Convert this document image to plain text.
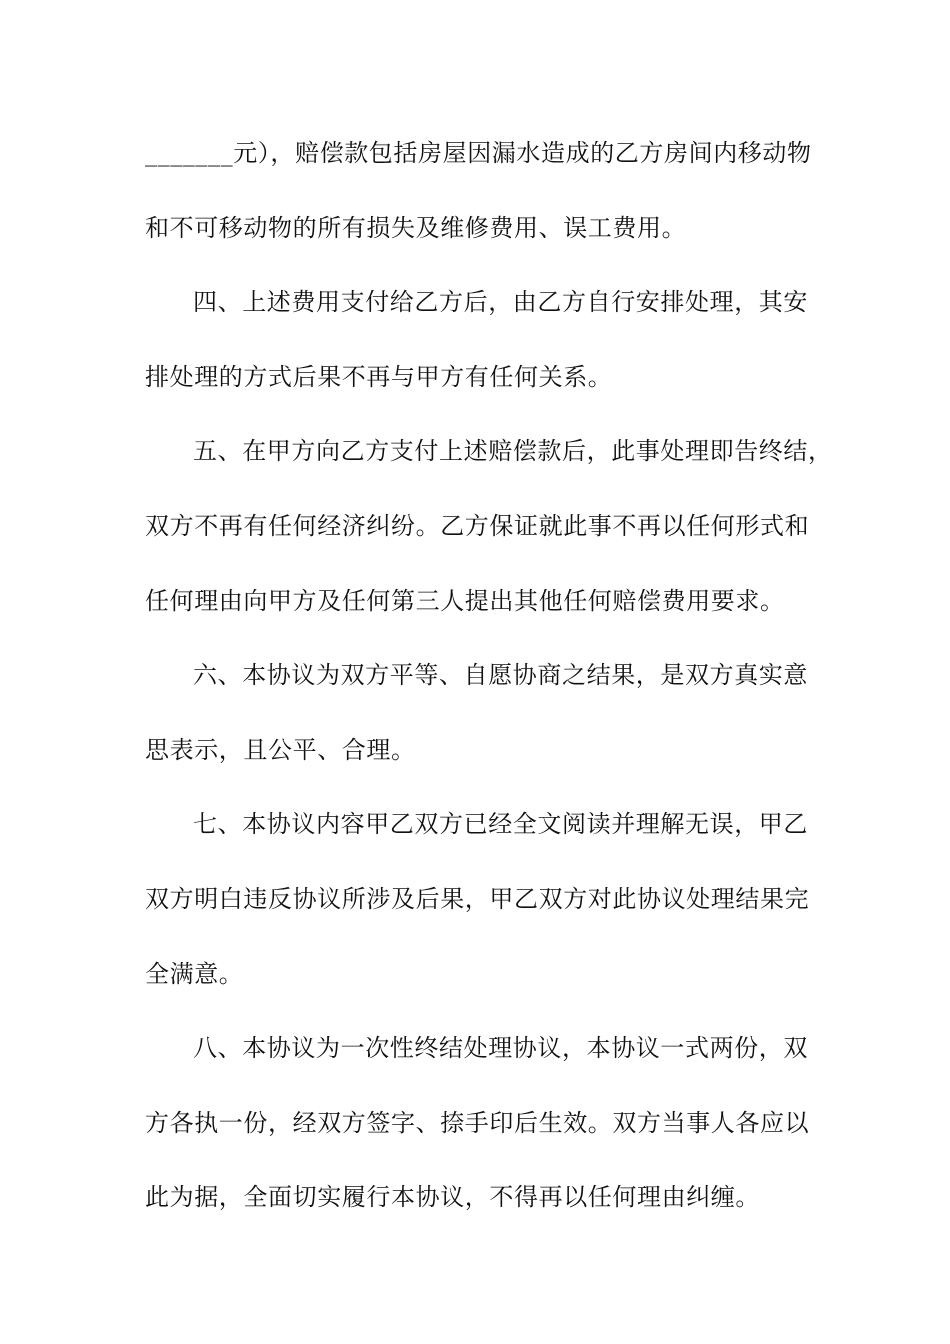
_______元），赔偿款包括房屋因漏水造成的乙方房间内移动物
和不可移动物的所有损失及维修费用、误工费用。
四、上述费用支付给乙方后，由乙方自行安排处理，其安
排处理的方式后果不再与甲方有任何关系。
五、在甲方向乙方支付上述赔偿款后，此事处理即告终结，
双方不再有任何经济纠纷。乙方保证就此事不再以任何形式和
任何理由向甲方及任何第三人提出其他任何赔偿费用要求。
六、本协议为双方平等、自愿协商之结果，是双方真实意
思表示，且公平、合理。
七、本协议内容甲乙双方已经全文阅读并理解无误，甲乙
双方明白违反协议所涉及后果，甲乙双方对此协议处理结果完
全满意。
八、本协议为一次性终结处理协议，本协议一式两份，双
方各执一份，经双方签字、捺手印后生效。双方当事人各应以
此为据，全面切实履行本协议，不得再以任何理由纠缠。
